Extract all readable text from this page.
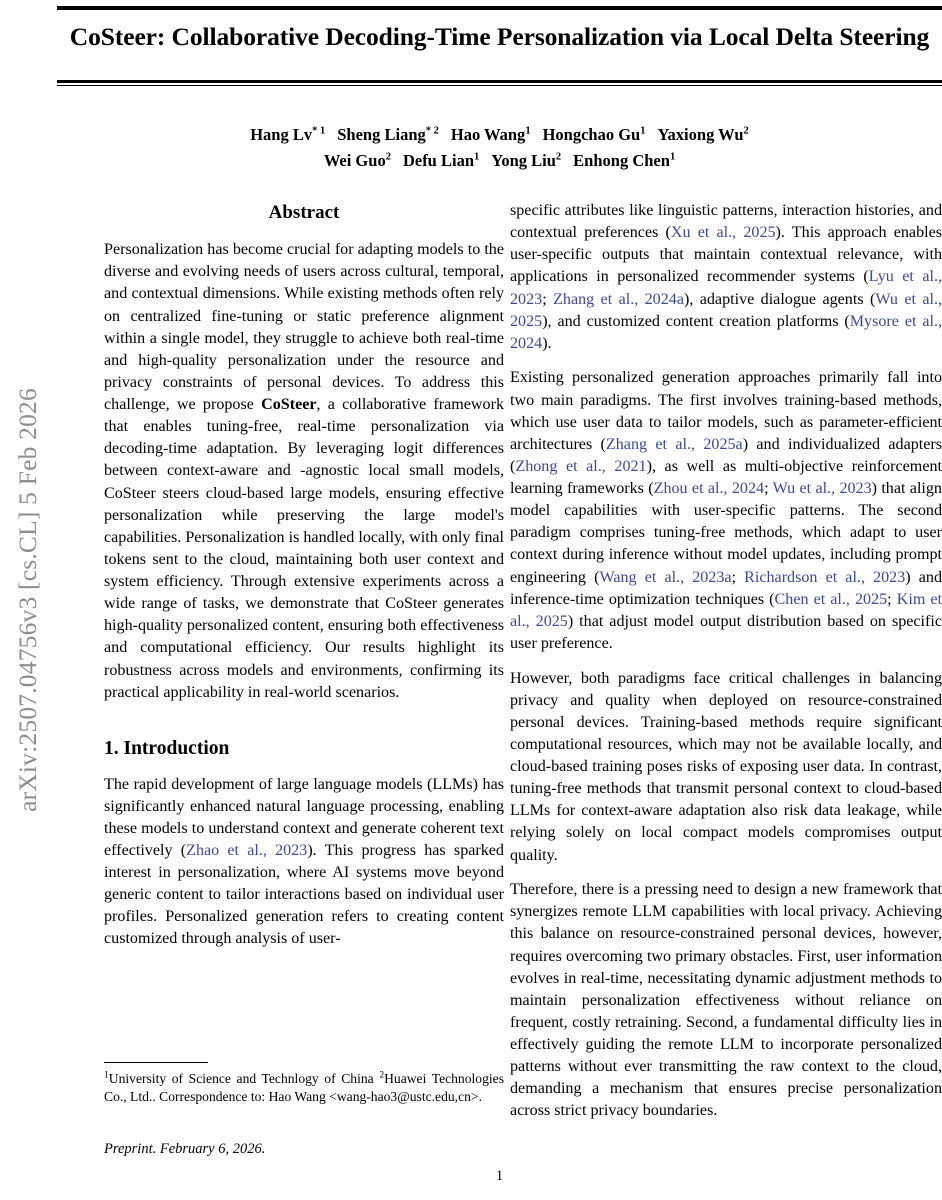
arXiv:2507.04756v3 [cs.CL] 5 Feb 2026
CoSteer: Collaborative Decoding-Time Personalization via Local Delta Steering
Hang Lv$^{* 1}$ Sheng Liang$^{* 2}$ Hao Wang$^1$ Hongchao Gu$^1$ Yaxiong Wu$^2$
Wei Guo$^2$ Defu Lian$^1$ Yong Liu$^2$ Enhong Chen$^1$
Abstract

Personalization has become crucial for adapting models to the diverse and evolving needs of users across cultural, temporal, and contextual dimensions. While existing methods often rely on centralized fine-tuning or static preference alignment within a single model, they struggle to achieve both real-time and high-quality personalization under the resource and privacy constraints of personal devices. To address this challenge, we propose CoSteer, a collaborative framework that enables tuning-free, real-time personalization via decoding-time adaptation. By leveraging logit differences between context-aware and -agnostic local small models, CoSteer steers cloud-based large models, ensuring effective personalization while preserving the large model's capabilities. Personalization is handled locally, with only final tokens sent to the cloud, maintaining both user context and system efficiency. Through extensive experiments across a wide range of tasks, we demonstrate that CoSteer generates high-quality personalized content, ensuring both effectiveness and computational efficiency. Our results highlight its robustness across models and environments, confirming its practical applicability in real-world scenarios.

1. Introduction

The rapid development of large language models (LLMs) has significantly enhanced natural language processing, enabling these models to understand context and generate coherent text effectively (Zhao et al., 2023). This progress has sparked interest in personalization, where AI systems move beyond generic content to tailor interactions based on individual user profiles. Personalized generation refers to creating content customized through analysis of user-

specific attributes like linguistic patterns, interaction histories, and contextual preferences (Xu et al., 2025). This approach enables user-specific outputs that maintain contextual relevance, with applications in personalized recommender systems (Lyu et al., 2023; Zhang et al., 2024a), adaptive dialogue agents (Wu et al., 2025), and customized content creation platforms (Mysore et al., 2024).

Existing personalized generation approaches primarily fall into two main paradigms. The first involves training-based methods, which use user data to tailor models, such as parameter-efficient architectures (Zhang et al., 2025a) and individualized adapters (Zhong et al., 2021), as well as multi-objective reinforcement learning frameworks (Zhou et al., 2024; Wu et al., 2023) that align model capabilities with user-specific patterns. The second paradigm comprises tuning-free methods, which adapt to user context during inference without model updates, including prompt engineering (Wang et al., 2023a; Richardson et al., 2023) and inference-time optimization techniques (Chen et al., 2025; Kim et al., 2025) that adjust model output distribution based on specific user preference.

However, both paradigms face critical challenges in balancing privacy and quality when deployed on resource-constrained personal devices. Training-based methods require significant computational resources, which may not be available locally, and cloud-based training poses risks of exposing user data. In contrast, tuning-free methods that transmit personal context to cloud-based LLMs for context-aware adaptation also risk data leakage, while relying solely on local compact models compromises output quality.

Therefore, there is a pressing need to design a new framework that synergizes remote LLM capabilities with local privacy. Achieving this balance on resource-constrained personal devices, however, requires overcoming two primary obstacles. First, user information evolves in real-time, necessitating dynamic adjustment methods to maintain personalization effectiveness without reliance on frequent, costly retraining. Second, a fundamental difficulty lies in effectively guiding the remote LLM to incorporate personalized patterns without ever transmitting the raw context to the cloud, demanding a mechanism that ensures precise personalization across strict privacy boundaries.

$^1$University of Science and Technlogy of China $^2$Huawei Technologies Co., Ltd.. Correspondence to: Hao Wang <wang-hao3@ustc.edu,cn>.
Preprint. February 6, 2026.
1
